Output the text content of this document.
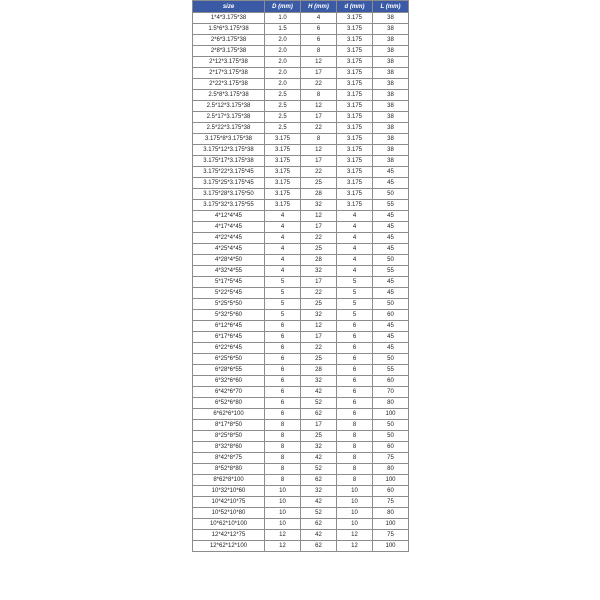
size	D (mm)	H (mm)	d (mm)	L (mm)
1*4*3.175*38	1.0	4	3.175	38
1.5*6*3.175*38	1.5	6	3.175	38
2*6*3.175*38	2.0	6	3.175	38
2*8*3.175*38	2.0	8	3.175	38
2*12*3.175*38	2.0	12	3.175	38
2*17*3.175*38	2.0	17	3.175	38
2*22*3.175*38	2.0	22	3.175	38
2.5*8*3.175*38	2.5	8	3.175	38
2.5*12*3.175*38	2.5	12	3.175	38
2.5*17*3.175*38	2.5	17	3.175	38
2.5*22*3.175*38	2.5	22	3.175	38
3.175*8*3.175*38	3.175	8	3.175	38
3.175*12*3.175*38	3.175	12	3.175	38
3.175*17*3.175*38	3.175	17	3.175	38
3.175*22*3.175*45	3.175	22	3.175	45
3.175*25*3.175*45	3.175	25	3.175	45
3.175*28*3.175*50	3.175	28	3.175	50
3.175*32*3.175*55	3.175	32	3.175	55
4*12*4*45	4	12	4	45
4*17*4*45	4	17	4	45
4*22*4*45	4	22	4	45
4*25*4*45	4	25	4	45
4*28*4*50	4	28	4	50
4*32*4*55	4	32	4	55
5*17*5*45	5	17	5	45
5*22*5*45	5	22	5	45
5*25*5*50	5	25	5	50
5*32*5*60	5	32	5	60
6*12*6*45	6	12	6	45
6*17*6*45	6	17	6	45
6*22*6*45	6	22	6	45
6*25*6*50	6	25	6	50
6*28*6*55	6	28	6	55
6*32*6*60	6	32	6	60
6*42*6*70	6	42	6	70
6*52*6*80	6	52	6	80
6*62*6*100	6	62	6	100
8*17*8*50	8	17	8	50
8*25*8*50	8	25	8	50
8*32*8*60	8	32	8	60
8*42*8*75	8	42	8	75
8*52*8*80	8	52	8	80
8*62*8*100	8	62	8	100
10*32*10*60	10	32	10	60
10*42*10*75	10	42	10	75
10*52*10*80	10	52	10	80
10*62*10*100	10	62	10	100
12*42*12*75	12	42	12	75
12*62*12*100	12	62	12	100
